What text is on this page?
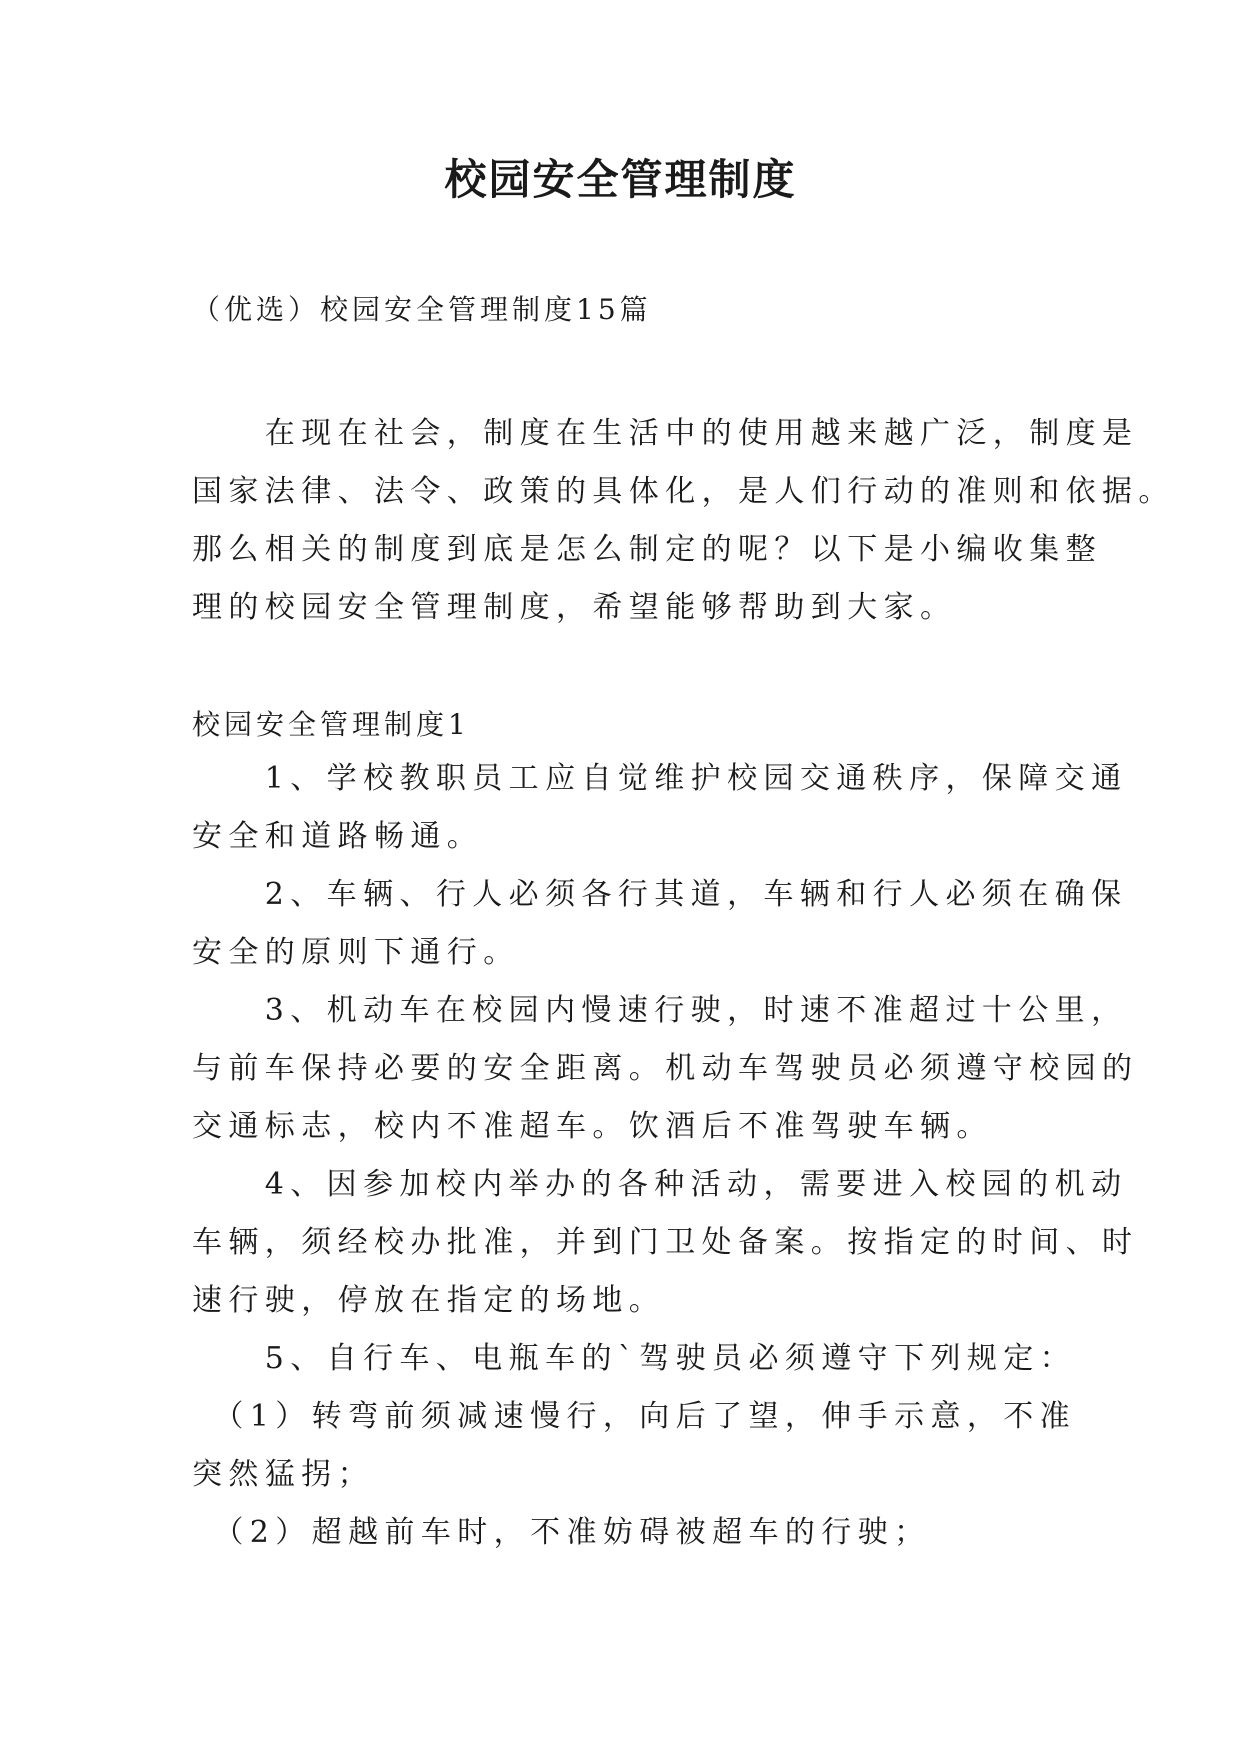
校园安全管理制度

（优选）校园安全管理制度15篇

　　在现在社会，制度在生活中的使用越来越广泛，制度是
国家法律、法令、政策的具体化，是人们行动的准则和依据。
那么相关的制度到底是怎么制定的呢？以下是小编收集整
理的校园安全管理制度，希望能够帮助到大家。

校园安全管理制度1

　　1、学校教职员工应自觉维护校园交通秩序，保障交通
安全和道路畅通。

　　2、车辆、行人必须各行其道，车辆和行人必须在确保
安全的原则下通行。

　　3、机动车在校园内慢速行驶，时速不准超过十公里，
与前车保持必要的安全距离。机动车驾驶员必须遵守校园的
交通标志，校内不准超车。饮酒后不准驾驶车辆。

　　4、因参加校内举办的各种活动，需要进入校园的机动
车辆，须经校办批准，并到门卫处备案。按指定的时间、时
速行驶，停放在指定的场地。

　　5、自行车、电瓶车的`驾驶员必须遵守下列规定：

　（1）转弯前须减速慢行，向后了望，伸手示意，不准
突然猛拐；

　（2）超越前车时，不准妨碍被超车的行驶；
